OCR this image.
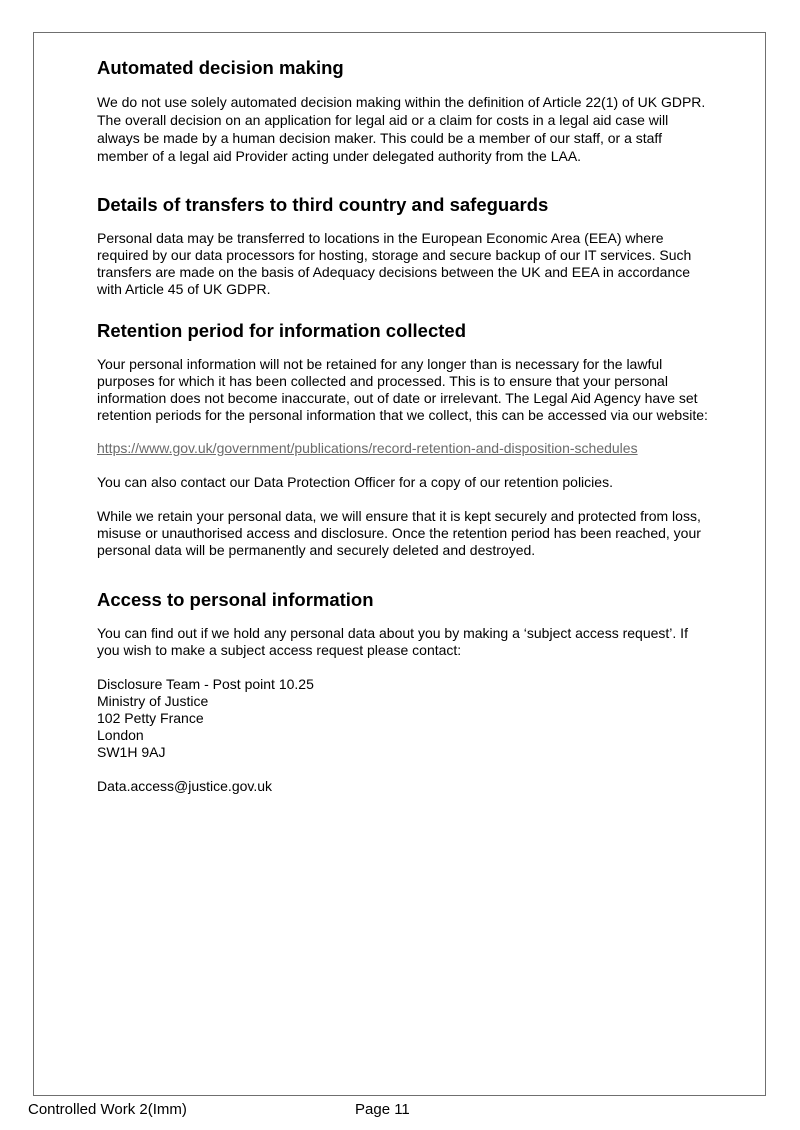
Automated decision making

We do not use solely automated decision making within the definition of Article 22(1) of UK GDPR. The overall decision on an application for legal aid or a claim for costs in a legal aid case will always be made by a human decision maker. This could be a member of our staff, or a staff member of a legal aid Provider acting under delegated authority from the LAA.

Details of transfers to third country and safeguards

Personal data may be transferred to locations in the European Economic Area (EEA) where required by our data processors for hosting, storage and secure backup of our IT services. Such transfers are made on the basis of Adequacy decisions between the UK and EEA in accordance with Article 45 of UK GDPR.

Retention period for information collected

Your personal information will not be retained for any longer than is necessary for the lawful purposes for which it has been collected and processed. This is to ensure that your personal information does not become inaccurate, out of date or irrelevant. The Legal Aid Agency have set retention periods for the personal information that we collect, this can be accessed via our website:

https://www.gov.uk/government/publications/record-retention-and-disposition-schedules

You can also contact our Data Protection Officer for a copy of our retention policies.

While we retain your personal data, we will ensure that it is kept securely and protected from loss, misuse or unauthorised access and disclosure. Once the retention period has been reached, your personal data will be permanently and securely deleted and destroyed.

Access to personal information

You can find out if we hold any personal data about you by making a ‘subject access request’. If you wish to make a subject access request please contact:

Disclosure Team - Post point 10.25
Ministry of Justice
102 Petty France
London
SW1H 9AJ

Data.access@justice.gov.uk

Controlled Work 2(Imm)	Page 11
